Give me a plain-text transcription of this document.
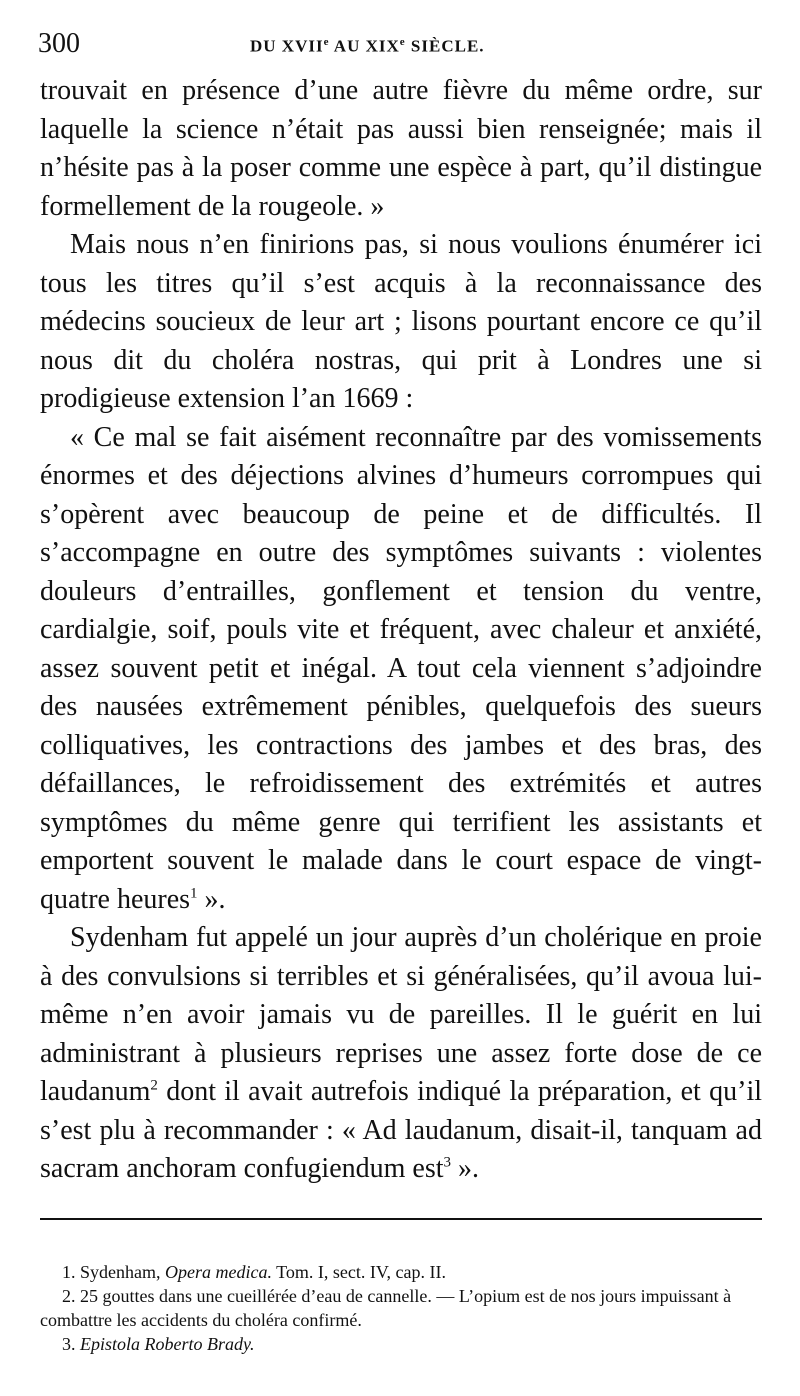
300	DU XVIIe AU XIXe SIÈCLE.

trouvait en présence d’une autre fièvre du même ordre, sur laquelle la science n’était pas aussi bien renseignée; mais il n’hésite pas à la poser comme une espèce à part, qu’il distingue formellement de la rougeole. »

Mais nous n’en finirions pas, si nous voulions énumérer ici tous les titres qu’il s’est acquis à la reconnaissance des médecins soucieux de leur art ; lisons pourtant encore ce qu’il nous dit du choléra nostras, qui prit à Londres une si prodigieuse extension l’an 1669 :

« Ce mal se fait aisément reconnaître par des vomissements énormes et des déjections alvines d’humeurs corrompues qui s’opèrent avec beaucoup de peine et de difficultés. Il s’accompagne en outre des symptômes suivants : violentes douleurs d’entrailles, gonflement et tension du ventre, cardialgie, soif, pouls vite et fréquent, avec chaleur et anxiété, assez souvent petit et inégal. A tout cela viennent s’adjoindre des nausées extrêmement pénibles, quelquefois des sueurs colliquatives, les contractions des jambes et des bras, des défaillances, le refroidissement des extrémités et autres symptômes du même genre qui terrifient les assistants et emportent souvent le malade dans le court espace de vingt-quatre heures$^1$ ».

Sydenham fut appelé un jour auprès d’un cholérique en proie à des convulsions si terribles et si généralisées, qu’il avoua lui-même n’en avoir jamais vu de pareilles. Il le guérit en lui administrant à plusieurs reprises une assez forte dose de ce laudanum$^2$ dont il avait autrefois indiqué la préparation, et qu’il s’est plu à recommander : « Ad laudanum, disait-il, tanquam ad sacram anchoram confugiendum est$^3$ ».

1. Sydenham, Opera medica. Tom. I, sect. IV, cap. II.

2. 25 gouttes dans une cueillérée d’eau de cannelle. — L’opium est de nos jours impuissant à combattre les accidents du choléra confirmé.

3. Epistola Roberto Brady.
